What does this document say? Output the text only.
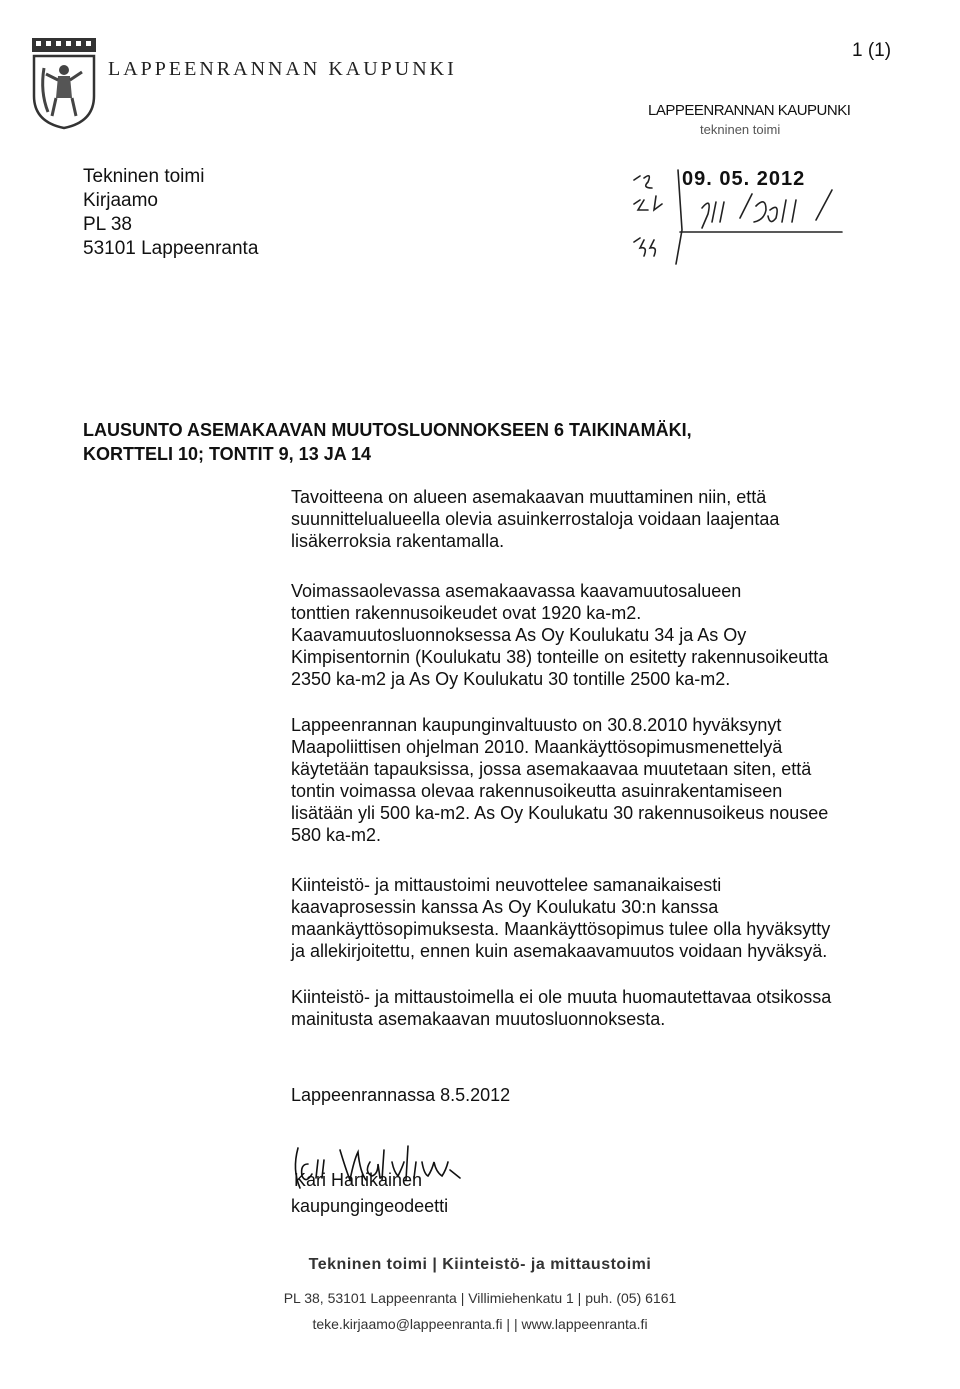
LAPPEENRANNAN KAUPUNKI
1 (1)
LAPPEENRANNAN KAUPUNKI
tekninen toimi
09. 05. 2012
Tekninen toimi
Kirjaamo
PL 38
53101 Lappeenranta
LAUSUNTO ASEMAKAAVAN MUUTOSLUONNOKSEEN 6 TAIKINAMÄKI,
KORTTELI 10; TONTIT 9, 13 JA 14
Tavoitteena on alueen asemakaavan muuttaminen niin, että
suunnittelualueella olevia asuinkerrostaloja voidaan laajentaa
lisäkerroksia rakentamalla.
Voimassaolevassa asemakaavassa kaavamuutosalueen
tonttien rakennusoikeudet ovat 1920 ka-m2.
Kaavamuutosluonnoksessa As Oy Koulukatu 34 ja As Oy
Kimpisentornin (Koulukatu 38) tonteille on esitetty rakennusoikeutta
2350 ka-m2 ja As Oy Koulukatu 30 tontille 2500 ka-m2.
Lappeenrannan kaupunginvaltuusto on 30.8.2010 hyväksynyt
Maapoliittisen ohjelman 2010. Maankäyttösopimusmenettelyä
käytetään tapauksissa, jossa asemakaavaa muutetaan siten, että
tontin voimassa olevaa rakennusoikeutta asuinrakentamiseen
lisätään yli 500 ka-m2. As Oy Koulukatu 30 rakennusoikeus nousee
580 ka-m2.
Kiinteistö- ja mittaustoimi neuvottelee samanaikaisesti
kaavaprosessin kanssa As Oy Koulukatu 30:n kanssa
maankäyttösopimuksesta. Maankäyttösopimus tulee olla hyväksytty
ja allekirjoitettu, ennen kuin asemakaavamuutos voidaan hyväksyä.
Kiinteistö- ja mittaustoimella ei ole muuta huomautettavaa otsikossa
mainitusta asemakaavan muutosluonnoksesta.
Lappeenrannassa 8.5.2012
Kari Hartikainen
kaupungingeodeetti
Tekninen toimi | Kiinteistö- ja mittaustoimi
PL 38, 53101 Lappeenranta | Villimiehenkatu 1 | puh. (05) 6161
teke.kirjaamo@lappeenranta.fi | | www.lappeenranta.fi
